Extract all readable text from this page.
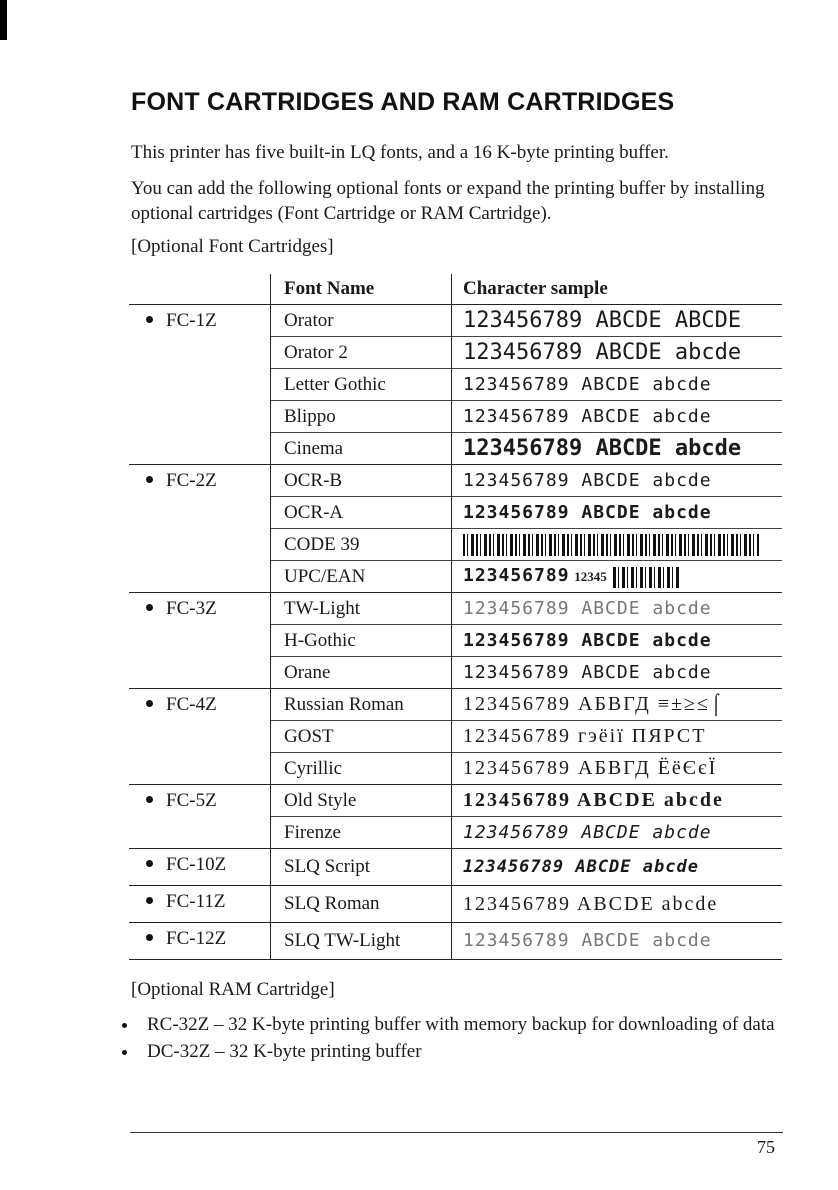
FONT CARTRIDGES AND RAM CARTRIDGES

This printer has five built-in LQ fonts, and a 16 K-byte printing buffer.

You can add the following optional fonts or expand the printing buffer by installing optional cartridges (Font Cartridge or RAM Cartridge).

[Optional Font Cartridges]

	Font Name	Character sample
FC-1Z	Orator	123456789 ABCDE ABCDE
	Orator 2	123456789 ABCDE abcde
	Letter Gothic	123456789 ABCDE abcde
	Blippo	123456789 ABCDE abcde
	Cinema	123456789 ABCDE abcde
FC-2Z	OCR-B	123456789 ABCDE abcde
	OCR-A	123456789 ABCDE abcde
	CODE 39	
	UPC/EAN	123456789 12345
FC-3Z	TW-Light	123456789 ABCDE abcde
	H-Gothic	123456789 ABCDE abcde
	Orane	123456789 ABCDE abcde
FC-4Z	Russian Roman	123456789 АБВГД ≡±≥≤⌠
	GOST	123456789 гэёії ПЯРСТ
	Cyrillic	123456789 АБВГД ЁёЄєЇ
FC-5Z	Old Style	123456789 ABCDE abcde
	Firenze	123456789 ABCDE abcde
FC-10Z	SLQ Script	123456789 ABCDE abcde
FC-11Z	SLQ Roman	123456789 ABCDE abcde
FC-12Z	SLQ TW-Light	123456789 ABCDE abcde

[Optional RAM Cartridge]

RC-32Z – 32 K-byte printing buffer with memory backup for downloading of data
DC-32Z – 32 K-byte printing buffer

75
